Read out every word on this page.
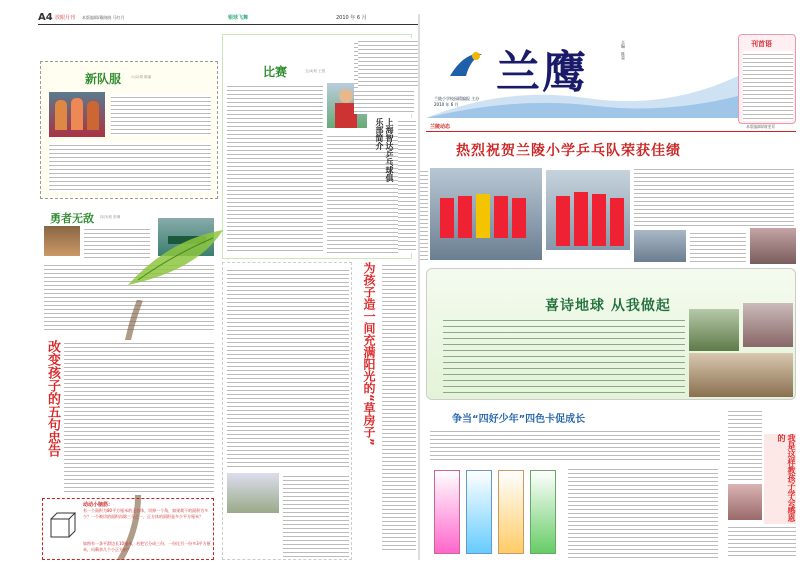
A4 放眼月刊 本版编辑/戴晓晓 马红月	银球飞舞	2010 年 6 月
新队服	六(2)班 陈丽	比赛	五(4)班 王悦
勇者无敌 四(3)班 张琳
改变孩子的五句忠告
动动小脑筋：
有一个面积为80平方厘米的正方体，切掉一个角，如果裁下的面积为多少？一个被切的面积再除三分之一，正方体的面积是多少平方厘米？
如图有一条平滑边长10厘米，若把它分成三份，一份比另一份多3平方厘米，问剩余几个小正方形？
为孩子造一间充满阳光的“草房子”
上海智达乒乓球俱乐部简介
兰鹰
兰陵小学校园精编报 主办
2010 年 6 月
主编：陈荣	刊首语
兰陵动态	本版编辑/顾雯菲
热烈祝贺兰陵小学乒乓队荣获佳绩
喜诗地球 从我做起
争当“四好少年”四色卡促成长
我是这样教孩子学会感恩的
